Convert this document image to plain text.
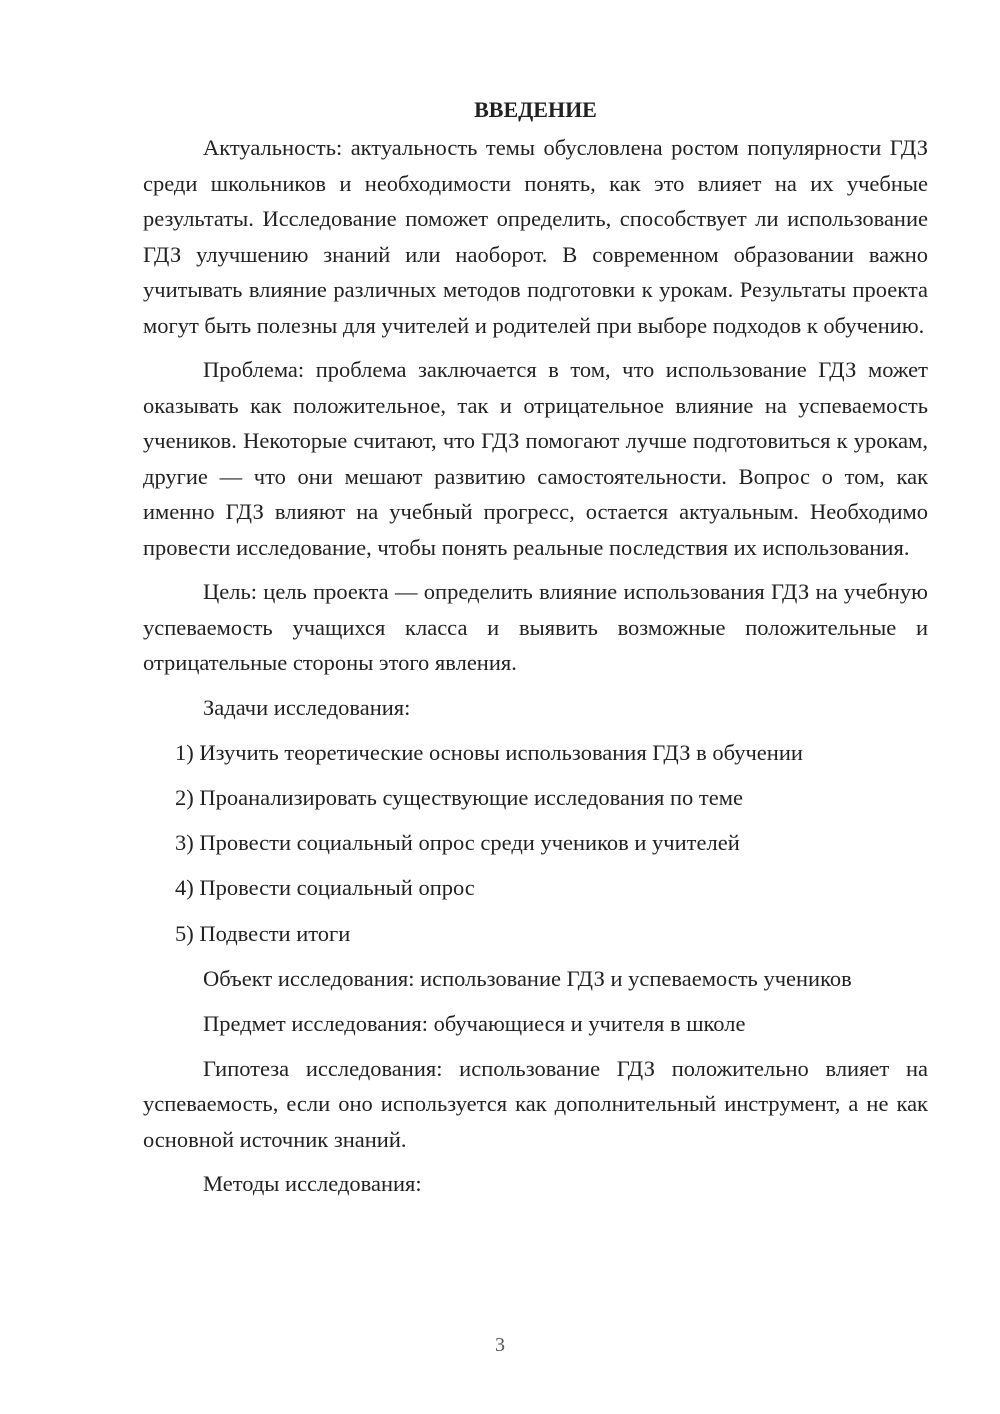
ВВЕДЕНИЕ

Актуальность: актуальность темы обусловлена ростом популярности ГДЗ среди школьников и необходимости понять, как это влияет на их учебные результаты. Исследование поможет определить, способствует ли использование ГДЗ улучшению знаний или наоборот. В современном образовании важно учитывать влияние различных методов подготовки к урокам. Результаты проекта могут быть полезны для учителей и родителей при выборе подходов к обучению.

Проблема: проблема заключается в том, что использование ГДЗ может оказывать как положительное, так и отрицательное влияние на успеваемость учеников. Некоторые считают, что ГДЗ помогают лучше подготовиться к урокам, другие — что они мешают развитию самостоятельности. Вопрос о том, как именно ГДЗ влияют на учебный прогресс, остается актуальным. Необходимо провести исследование, чтобы понять реальные последствия их использования.

Цель: цель проекта — определить влияние использования ГДЗ на учебную успеваемость учащихся класса и выявить возможные положительные и отрицательные стороны этого явления.

Задачи исследования:
1) Изучить теоретические основы использования ГДЗ в обучении
2) Проанализировать существующие исследования по теме
3) Провести социальный опрос среди учеников и учителей
4) Провести социальный опрос
5) Подвести итоги
Объект исследования: использование ГДЗ и успеваемость учеников
Предмет исследования: обучающиеся и учителя в школе

Гипотеза исследования: использование ГДЗ положительно влияет на успеваемость, если оно используется как дополнительный инструмент, а не как основной источник знаний.

Методы исследования:
3
